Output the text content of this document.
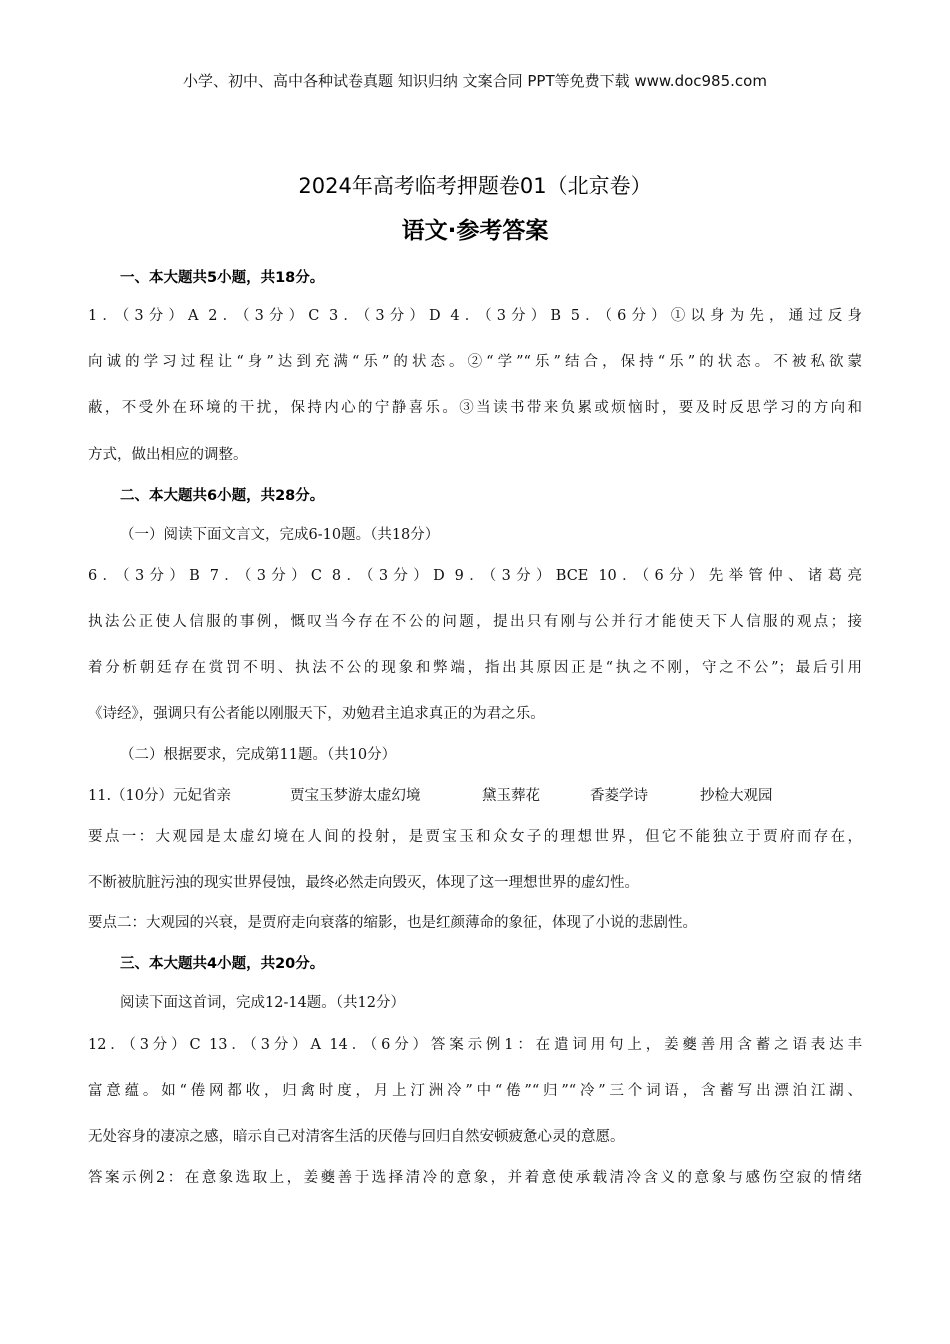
小学、初中、高中各种试卷真题 知识归纳 文案合同 PPT等免费下载 www.doc985.com
2024年高考临考押题卷01（北京卷）
语文·参考答案
一、本大题共5小题，共18分。
1．（3分）A 2．（3分）C 3．（3分）D 4．（3分）B 5．（6分）①以身为先，通过反身
向诚的学习过程让“身”达到充满“乐”的状态。②“学”“乐”结合，保持“乐”的状态。不被私欲蒙
蔽，不受外在环境的干扰，保持内心的宁静喜乐。③当读书带来负累或烦恼时，要及时反思学习的方向和
方式，做出相应的调整。
二、本大题共6小题，共28分。
（一）阅读下面文言文，完成6-10题。（共18分）
6．（3分）B 7．（3分）C 8．（3分）D 9．（3分）BCE 10．（6分）先举管仲、诸葛亮
执法公正使人信服的事例，慨叹当今存在不公的问题，提出只有刚与公并行才能使天下人信服的观点；接
着分析朝廷存在赏罚不明、执法不公的现象和弊端，指出其原因正是“执之不刚，守之不公”；最后引用
《诗经》，强调只有公者能以刚服天下，劝勉君主追求真正的为君之乐。
（二）根据要求，完成第11题。（共10分）
11.（10分）元妃省亲	贾宝玉梦游太虚幻境	黛玉葬花	香菱学诗	抄检大观园
要点一：大观园是太虚幻境在人间的投射，是贾宝玉和众女子的理想世界，但它不能独立于贾府而存在，
不断被肮脏污浊的现实世界侵蚀，最终必然走向毁灭，体现了这一理想世界的虚幻性。
要点二：大观园的兴衰，是贾府走向衰落的缩影，也是红颜薄命的象征，体现了小说的悲剧性。
三、本大题共4小题，共20分。
阅读下面这首词，完成12-14题。（共12分）
12．（3分）C 13．（3分）A 14．（6分）答案示例1：在遣词用句上，姜夔善用含蓄之语表达丰
富意蕴。如“倦网都收，归禽时度，月上汀洲冷”中“倦”“归”“冷”三个词语，含蓄写出漂泊江湖、
无处容身的凄凉之感，暗示自己对清客生活的厌倦与回归自然安顿疲惫心灵的意愿。
答案示例2：在意象选取上，姜夔善于选择清冷的意象，并着意使承载清冷含义的意象与感伤空寂的情绪
